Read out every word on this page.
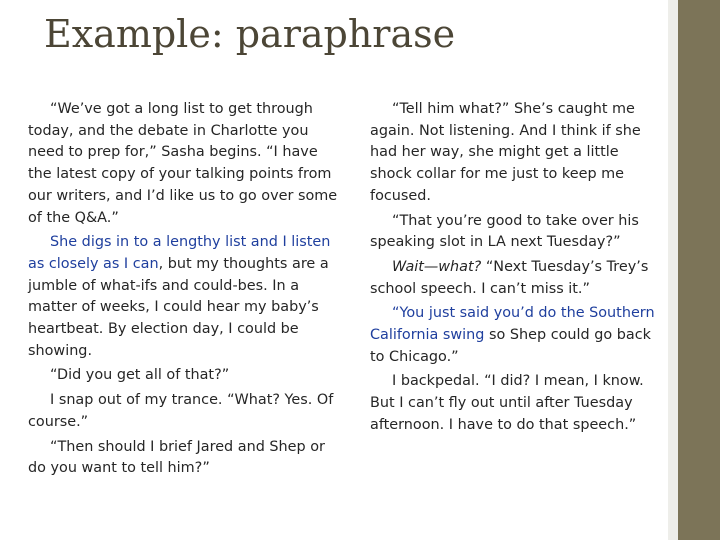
Example: paraphrase

“We’ve got a long list to get through today, and the debate in Charlotte you need to prep for,” Sasha begins. “I have the latest copy of your talking points from our writers, and I’d like us to go over some of the Q&A.”

She digs in to a lengthy list and I listen as closely as I can, but my thoughts are a jumble of what-ifs and could-bes. In a matter of weeks, I could hear my baby’s heartbeat. By election day, I could be showing.

“Did you get all of that?”

I snap out of my trance. “What? Yes. Of course.”

“Then should I brief Jared and Shep or do you want to tell him?”

“Tell him what?” She’s caught me again. Not listening. And I think if she had her way, she might get a little shock collar for me just to keep me focused.

“That you’re good to take over his speaking slot in LA next Tuesday?”

Wait—what? “Next Tuesday’s Trey’s school speech. I can’t miss it.”

“You just said you’d do the Southern California swing so Shep could go back to Chicago.”

I backpedal. “I did? I mean, I know. But I can’t fly out until after Tuesday afternoon. I have to do that speech.”
